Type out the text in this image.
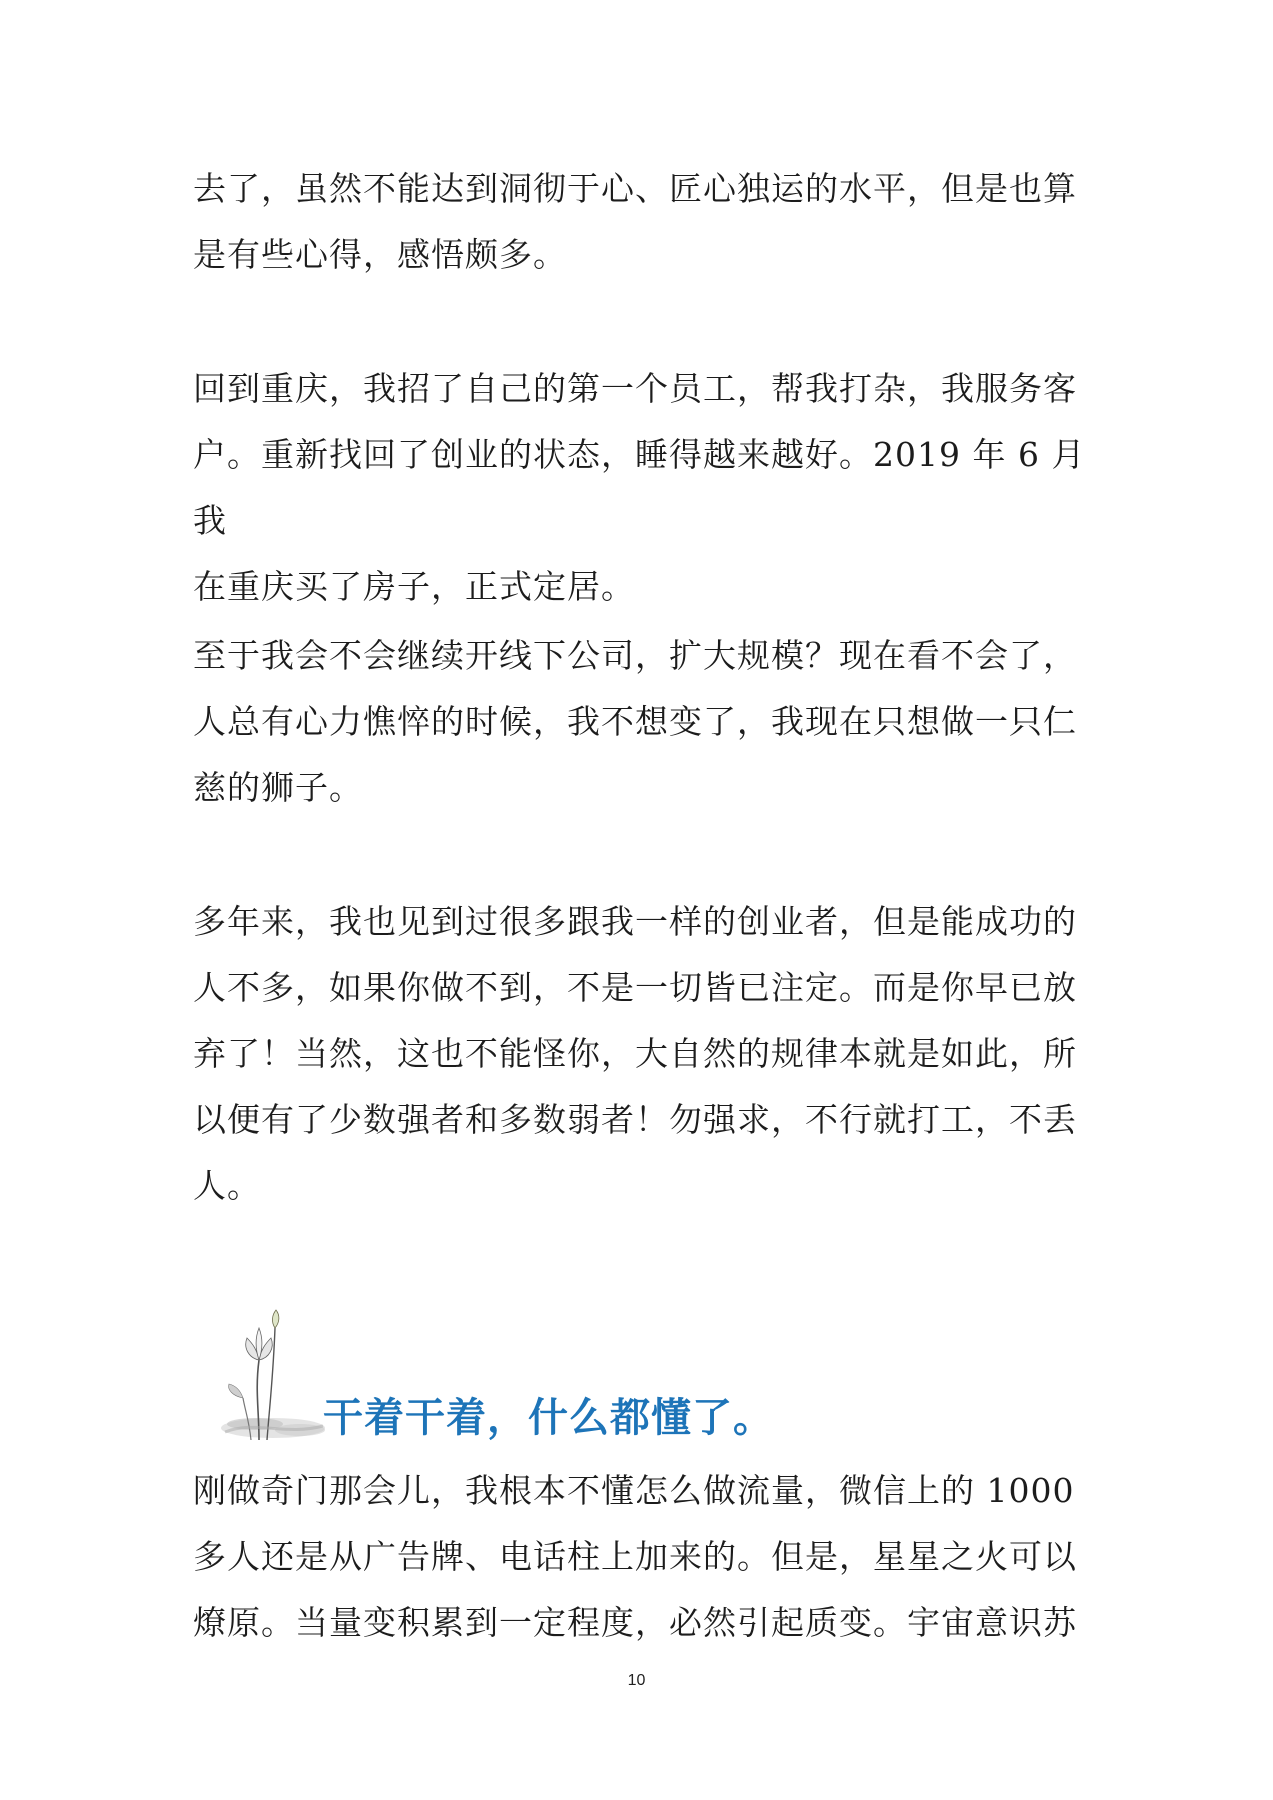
去了，虽然不能达到洞彻于心、匠心独运的水平，但是也算
是有些心得，感悟颇多。

回到重庆，我招了自己的第一个员工，帮我打杂，我服务客
户。重新找回了创业的状态，睡得越来越好。2019 年 6 月我
在重庆买了房子，正式定居。

至于我会不会继续开线下公司，扩大规模？现在看不会了，
人总有心力憔悴的时候，我不想变了，我现在只想做一只仁
慈的狮子。

多年来，我也见到过很多跟我一样的创业者，但是能成功的
人不多，如果你做不到，不是一切皆已注定。而是你早已放
弃了！当然，这也不能怪你，大自然的规律本就是如此，所
以便有了少数强者和多数弱者！勿强求，不行就打工，不丢
人。

干着干着，什么都懂了。

刚做奇门那会儿，我根本不懂怎么做流量，微信上的 1000
多人还是从广告牌、电话柱上加来的。但是，星星之火可以
燎原。当量变积累到一定程度，必然引起质变。宇宙意识苏

10
